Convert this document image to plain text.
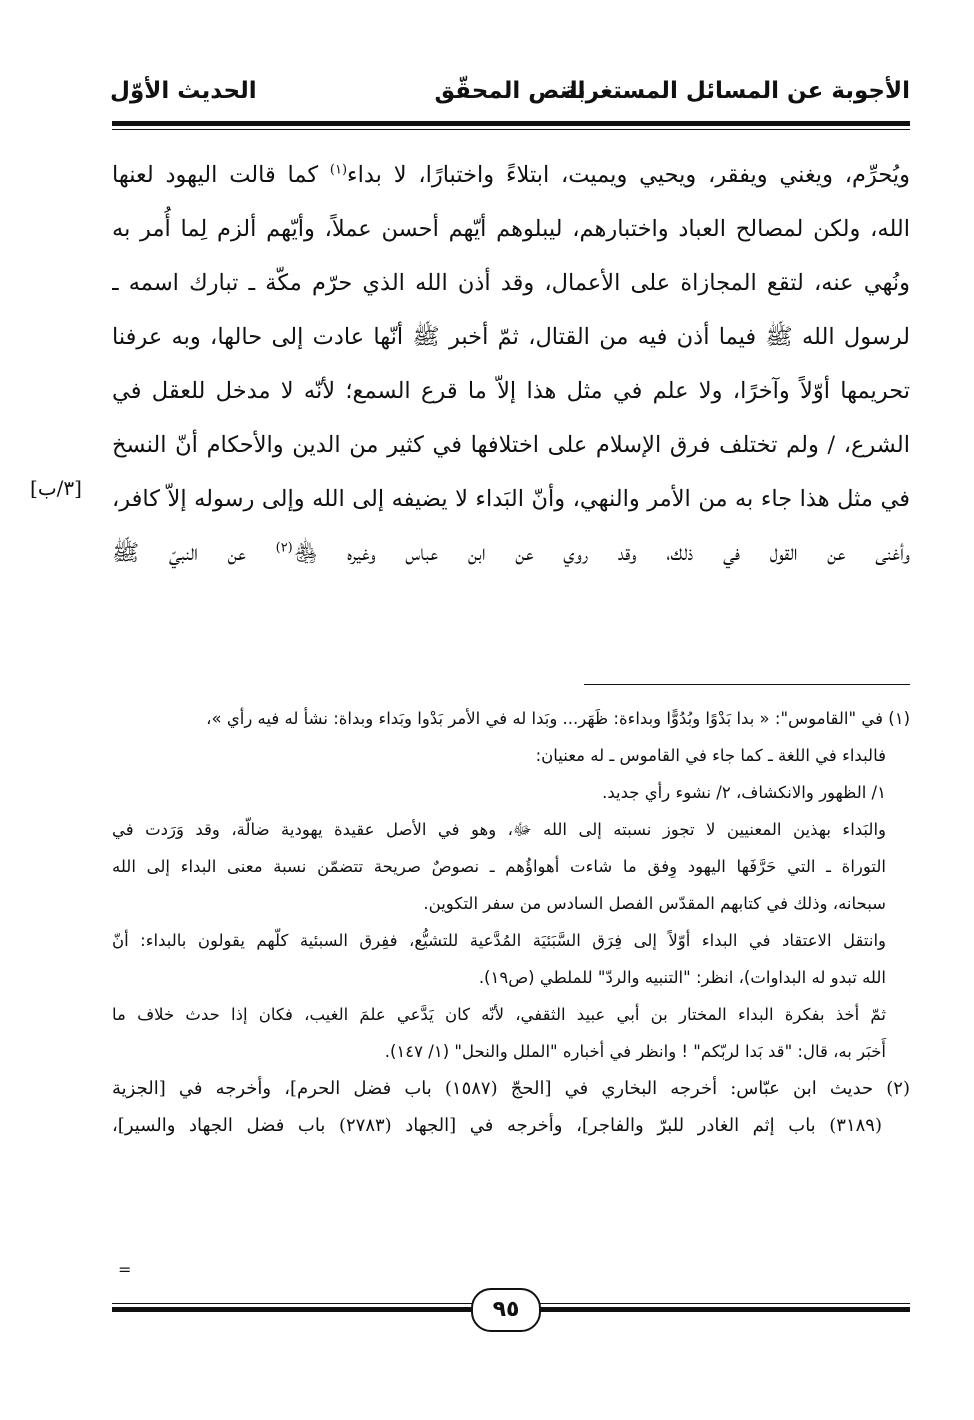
الأجوبة عن المسائل المستغربة
النص المحقّق
الحديث الأوّل
ويُحرِّم، ويغني ويفقر، ويحيي ويميت، ابتلاءً واختبارًا، لا بداء$^{(١)}$ كما قالت اليهود لعنها
الله، ولكن لمصالح العباد واختبارهم، ليبلوهم أيّهم أحسن عملاً، وأيّهم ألزم لِما أُمر به
ونُهي عنه، لتقع المجازاة على الأعمال، وقد أذن الله الذي حرّم مكّة ـ تبارك اسمه ـ
لرسول الله ﷺ فيما أذن فيه من القتال، ثمّ أخبر ﷺ أنّها عادت إلى حالها، وبه عرفنا
تحريمها أوّلاً وآخرًا، ولا علم في مثل هذا إلاّ ما قرع السمع؛ لأنّه لا مدخل للعقل في
الشرع، / ولم تختلف فرق الإسلام على اختلافها في كثير من الدين والأحكام أنّ النسخ
في مثل هذا جاء به من الأمر والنهي، وأنّ البَداء لا يضيفه إلى الله وإلى رسوله إلاّ كافر،
وأغنى عن القول في ذلك، وقد روي عن ابن عباس وغيره ﵃$^{(٢)}$ عن النبيّ ﷺ
[٣/ب]
(١) في "القاموس": « بدا بَدْوًا وبُدُوًّا وبداءة: ظَهَر... وبَدا له في الأمر بَدْوا وبَداء وبداة: نشأ له فيه رأي »،
فالبداء في اللغة ـ كما جاء في القاموس ـ له معنيان:
١/ الظهور والانكشاف، ٢/ نشوء رأي جديد.
والبَداء بهذين المعنيين لا تجوز نسبته إلى الله ﷻ، وهو في الأصل عقيدة يهودية ضالّة، وقد وَرَدت في
التوراة ـ التي حَرَّفَها اليهود وِفق ما شاءت أهواؤُهم ـ نصوصٌ صريحة تتضمّن نسبة معنى البداء إلى الله
سبحانه، وذلك في كتابهم المقدّس الفصل السادس من سفر التكوين.
وانتقل الاعتقاد في البداء أوّلاً إلى فِرَق السَّبَئيَة المُدَّعية للتشيُّع، ففِرق السبئية كلّهم يقولون بالبداء: أنّ
الله تبدو له البداوات)، انظر: "التنبيه والردّ" للملطي (ص١٩).
ثمّ أخذ بفكرة البداء المختار بن أبي عبيد الثقفي، لأنّه كان يَدَّعي علمَ الغيب، فكان إذا حدث خلاف ما
أَخبَر به، قال: "قد بَدا لربّكم" ! وانظر في أخباره "الملل والنحل" (١/ ١٤٧).
(٢) حديث ابن عبّاس: أخرجه البخاري في [الحجّ (١٥٨٧) باب فضل الحرم]، وأخرجه في [الجزية
(٣١٨٩) باب إثم الغادر للبرّ والفاجر]، وأخرجه في [الجهاد (٢٧٨٣) باب فضل الجهاد والسير]،
=
٩٥
